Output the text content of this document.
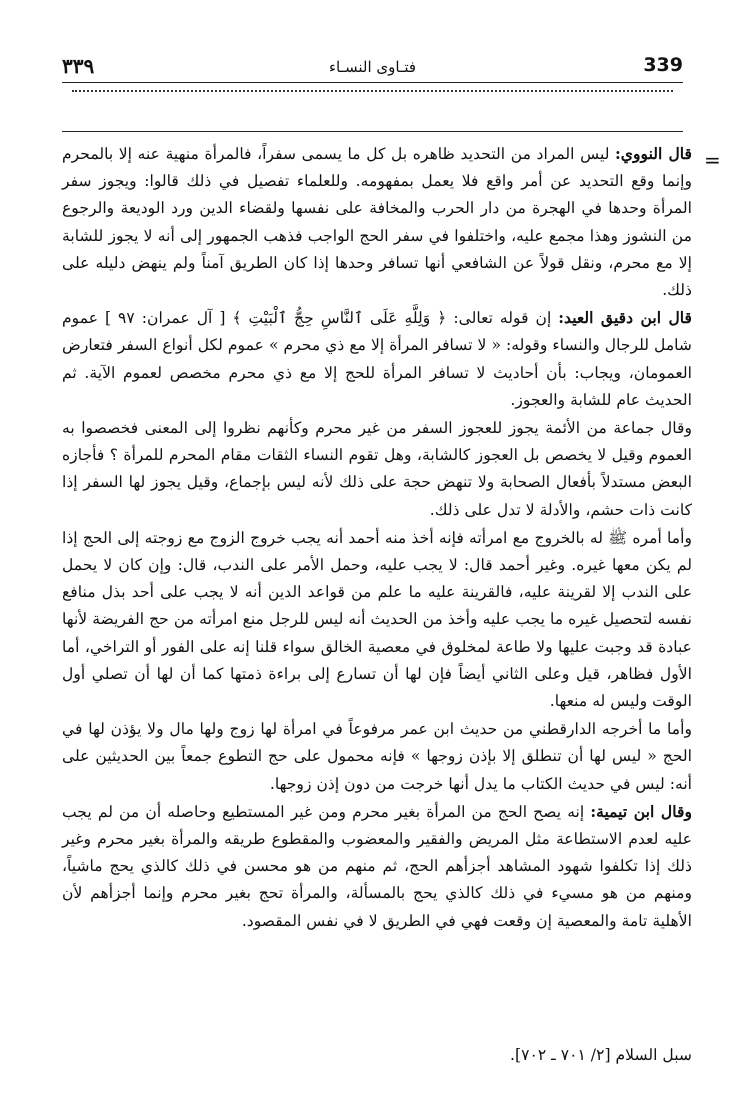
٣٣٩	فتـاوى النسـاء	339
=

قال النووي: ليس المراد من التحديد ظاهره بل كل ما يسمى سفراً، فالمرأة منهية عنه إلا بالمحرم وإنما وقع التحديد عن أمر واقع فلا يعمل بمفهومه. وللعلماء تفصيل في ذلك قالوا: ويجوز سفر المرأة وحدها في الهجرة من دار الحرب والمخافة على نفسها ولقضاء الدين ورد الوديعة والرجوع من النشوز وهذا مجمع عليه، واختلفوا في سفر الحج الواجب فذهب الجمهور إلى أنه لا يجوز للشابة إلا مع محرم، ونقل قولاً عن الشافعي أنها تسافر وحدها إذا كان الطريق آمناً ولم ينهض دليله على ذلك.

قال ابن دقيق العيد: إن قوله تعالى: ﴿ وَلِلَّهِ عَلَى ٱلنَّاسِ حِجُّ ٱلْبَيْتِ ﴾ [ آل عمران: ٩٧ ] عموم شامل للرجال والنساء وقوله: « لا تسافر المرأة إلا مع ذي محرم » عموم لكل أنواع السفر فتعارض العمومان، ويجاب: بأن أحاديث لا تسافر المرأة للحج إلا مع ذي محرم مخصص لعموم الآية. ثم الحديث عام للشابة والعجوز.

وقال جماعة من الأئمة يجوز للعجوز السفر من غير محرم وكأنهم نظروا إلى المعنى فخصصوا به العموم وقيل لا يخصص بل العجوز كالشابة، وهل تقوم النساء الثقات مقام المحرم للمرأة ؟ فأجازه البعض مستدلاً بأفعال الصحابة ولا تنهض حجة على ذلك لأنه ليس بإجماع، وقيل يجوز لها السفر إذا كانت ذات حشم، والأدلة لا تدل على ذلك.

وأما أمره ﷺ له بالخروج مع امرأته فإنه أخذ منه أحمد أنه يجب خروج الزوج مع زوجته إلى الحج إذا لم يكن معها غيره. وغير أحمد قال: لا يجب عليه، وحمل الأمر على الندب، قال: وإن كان لا يحمل على الندب إلا لقرينة عليه، فالقرينة عليه ما علم من قواعد الدين أنه لا يجب على أحد بذل منافع نفسه لتحصيل غيره ما يجب عليه وأخذ من الحديث أنه ليس للرجل منع امرأته من حج الفريضة لأنها عبادة قد وجبت عليها ولا طاعة لمخلوق في معصية الخالق سواء قلنا إنه على الفور أو التراخي، أما الأول فظاهر، قيل وعلى الثاني أيضاً فإن لها أن تسارع إلى براءة ذمتها كما أن لها أن تصلي أول الوقت وليس له منعها.

وأما ما أخرجه الدارقطني من حديث ابن عمر مرفوعاً في امرأة لها زوج ولها مال ولا يؤذن لها في الحج « ليس لها أن تنطلق إلا بإذن زوجها » فإنه محمول على حج التطوع جمعاً بين الحديثين على أنه: ليس في حديث الكتاب ما يدل أنها خرجت من دون إذن زوجها.

وقال ابن تيمية: إنه يصح الحج من المرأة بغير محرم ومن غير المستطيع وحاصله أن من لم يجب عليه لعدم الاستطاعة مثل المريض والفقير والمعضوب والمقطوع طريقه والمرأة بغير محرم وغير ذلك إذا تكلفوا شهود المشاهد أجزأهم الحج، ثم منهم من هو محسن في ذلك كالذي يحج ماشياً، ومنهم من هو مسيء في ذلك كالذي يحج بالمسألة، والمرأة تحج بغير محرم وإنما أجزأهم لأن الأهلية تامة والمعصية إن وقعت فهي في الطريق لا في نفس المقصود.

سبل السلام [٢/ ٧٠١ ـ ٧٠٢].
